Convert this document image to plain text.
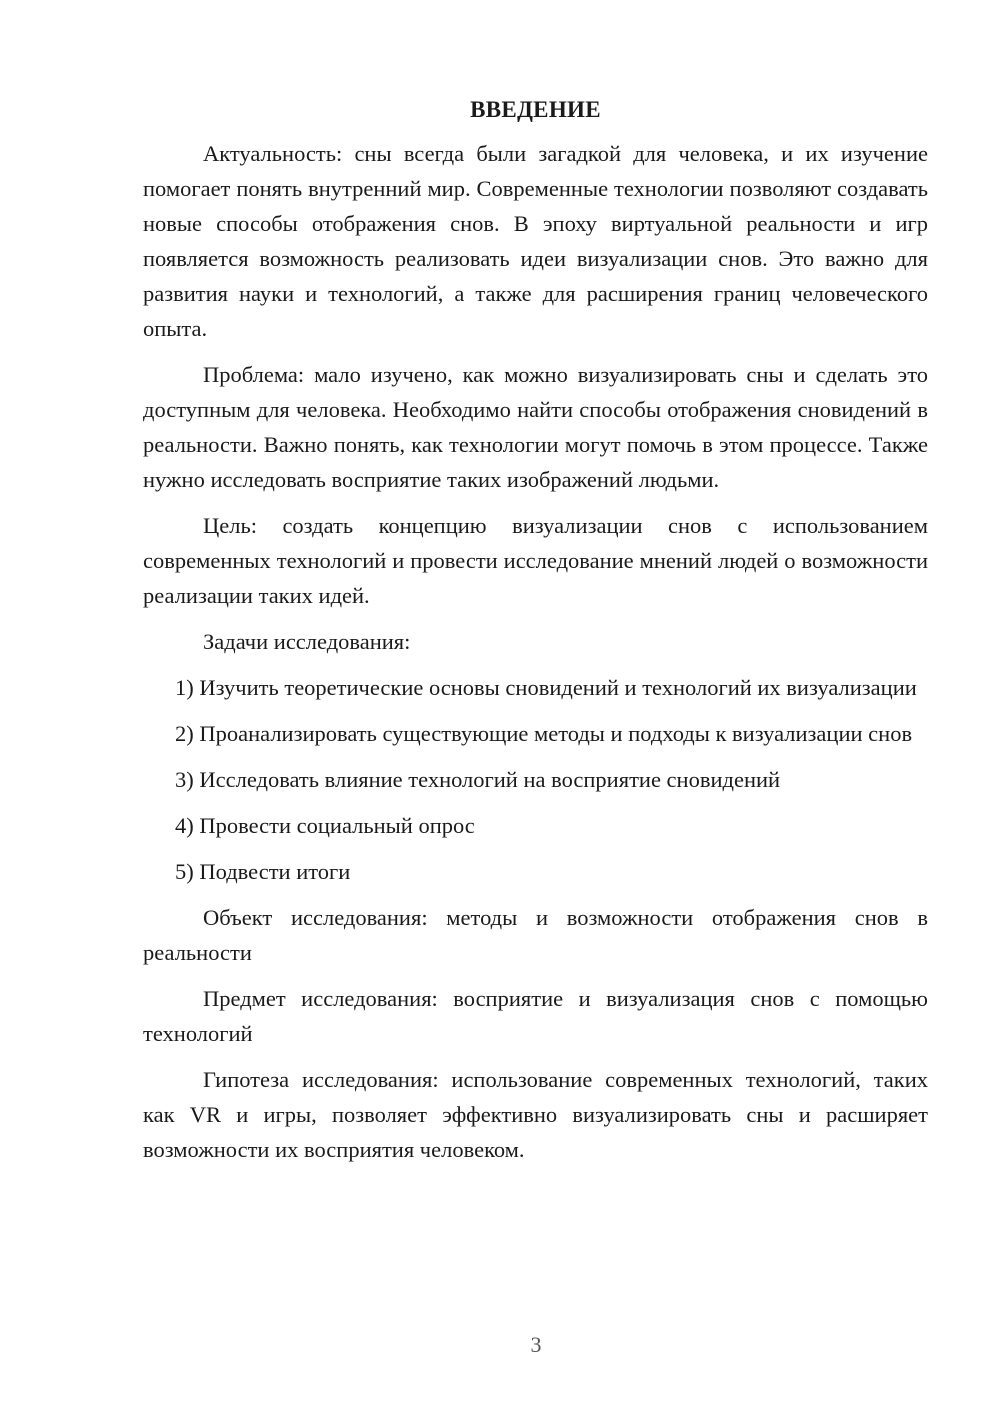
ВВЕДЕНИЕ

Актуальность: сны всегда были загадкой для человека, и их изучение помогает понять внутренний мир. Современные технологии позволяют создавать новые способы отображения снов. В эпоху виртуальной реальности и игр появляется возможность реализовать идеи визуализации снов. Это важно для развития науки и технологий, а также для расширения границ человеческого опыта.

Проблема: мало изучено, как можно визуализировать сны и сделать это доступным для человека. Необходимо найти способы отображения сновидений в реальности. Важно понять, как технологии могут помочь в этом процессе. Также нужно исследовать восприятие таких изображений людьми.

Цель: создать концепцию визуализации снов с использованием современных технологий и провести исследование мнений людей о возможности реализации таких идей.

Задачи исследования:

1) Изучить теоретические основы сновидений и технологий их визуализации

2) Проанализировать существующие методы и подходы к визуализации снов

3) Исследовать влияние технологий на восприятие сновидений

4) Провести социальный опрос

5) Подвести итоги

Объект исследования: методы и возможности отображения снов в реальности

Предмет исследования: восприятие и визуализация снов с помощью технологий

Гипотеза исследования: использование современных технологий, таких как VR и игры, позволяет эффективно визуализировать сны и расширяет возможности их восприятия человеком.

3
